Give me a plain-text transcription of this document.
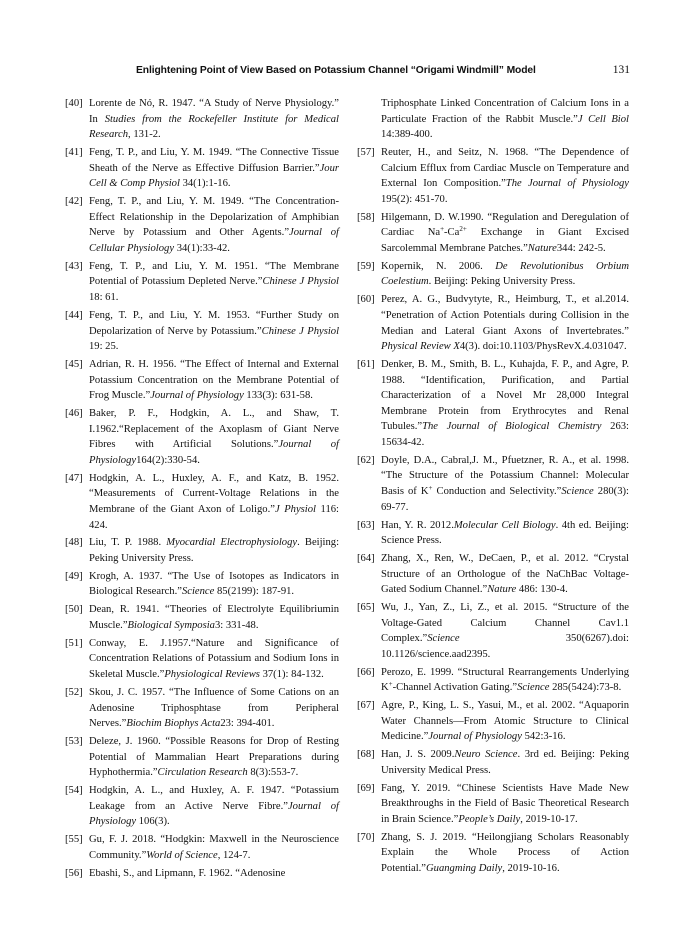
Enlightening Point of View Based on Potassium Channel “Origami Windmill” Model	131
[40] Lorente de Nó, R. 1947. “A Study of Nerve Physiology.” In Studies from the Rockefeller Institute for Medical Research, 131-2.
[41] Feng, T. P., and Liu, Y. M. 1949. “The Connective Tissue Sheath of the Nerve as Effective Diffusion Barrier.”Jour Cell & Comp Physiol 34(1):1-16.
[42] Feng, T. P., and Liu, Y. M. 1949. “The Concentration-Effect Relationship in the Depolarization of Amphibian Nerve by Potassium and Other Agents.”Journal of Cellular Physiology 34(1):33-42.
[43] Feng, T. P., and Liu, Y. M. 1951. “The Membrane Potential of Potassium Depleted Nerve.”Chinese J Physiol 18: 61.
[44] Feng, T. P., and Liu, Y. M. 1953. “Further Study on Depolarization of Nerve by Potassium.”Chinese J Physiol 19: 25.
[45] Adrian, R. H. 1956. “The Effect of Internal and External Potassium Concentration on the Membrane Potential of Frog Muscle.”Journal of Physiology 133(3): 631-58.
[46] Baker, P. F., Hodgkin, A. L., and Shaw, T. I.1962.“Replacement of the Axoplasm of Giant Nerve Fibres with Artificial Solutions.”Journal of Physiology164(2):330-54.
[47] Hodgkin, A. L., Huxley, A. F., and Katz, B. 1952. “Measurements of Current-Voltage Relations in the Membrane of the Giant Axon of Loligo.”J Physiol 116: 424.
[48] Liu, T. P. 1988. Myocardial Electrophysiology. Beijing: Peking University Press.
[49] Krogh, A. 1937. “The Use of Isotopes as Indicators in Biological Research.”Science 85(2199): 187-91.
[50] Dean, R. 1941. “Theories of Electrolyte Equilibriumin Muscle.”Biological Symposia3: 331-48.
[51] Conway, E. J.1957.“Nature and Significance of Concentration Relations of Potassium and Sodium Ions in Skeletal Muscle.”Physiological Reviews 37(1): 84-132.
[52] Skou, J. C. 1957. “The Influence of Some Cations on an Adenosine Triphosphtase from Peripheral Nerves.”Biochim Biophys Acta23: 394-401.
[53] Deleze, J. 1960. “Possible Reasons for Drop of Resting Potential of Mammalian Heart Preparations during Hyphothermia.”Circulation Research 8(3):553-7.
[54] Hodgkin, A. L., and Huxley, A. F. 1947. “Potassium Leakage from an Active Nerve Fibre.”Journal of Physiology 106(3).
[55] Gu, F. J. 2018. “Hodgkin: Maxwell in the Neuroscience Community.”World of Science, 124-7.
[56] Ebashi, S., and Lipmann, F. 1962. “Adenosine
Triphosphate Linked Concentration of Calcium Ions in a Particulate Fraction of the Rabbit Muscle.”J Cell Biol 14:389-400.
[57] Reuter, H., and Seitz, N. 1968. “The Dependence of Calcium Efflux from Cardiac Muscle on Temperature and External Ion Composition.”The Journal of Physiology 195(2): 451-70.
[58] Hilgemann, D. W.1990. “Regulation and Deregulation of Cardiac $Na^+-Ca^{2+}$ Exchange in Giant Excised Sarcolemmal Membrane Patches.”Nature344: 242-5.
[59] Kopernik, N. 2006. De Revolutionibus Orbium Coelestium. Beijing: Peking University Press.
[60] Perez, A. G., Budvytyte, R., Heimburg, T., et al.2014. “Penetration of Action Potentials during Collision in the Median and Lateral Giant Axons of Invertebrates.” Physical Review X4(3). doi:10.1103/PhysRevX.4.031047.
[61] Denker, B. M., Smith, B. L., Kuhajda, F. P., and Agre, P. 1988. “Identification, Purification, and Partial Characterization of a Novel Mr 28,000 Integral Membrane Protein from Erythrocytes and Renal Tubules.”The Journal of Biological Chemistry 263: 15634-42.
[62] Doyle, D.A., Cabral,J. M., Pfuetzner, R. A., et al. 1998. “The Structure of the Potassium Channel: Molecular Basis of K+ Conduction and Selectivity.”Science 280(3): 69-77.
[63] Han, Y. R. 2012.Molecular Cell Biology. 4th ed. Beijing: Science Press.
[64] Zhang, X., Ren, W., DeCaen, P., et al. 2012. “Crystal Structure of an Orthologue of the NaChBac Voltage-Gated Sodium Channel.”Nature 486: 130-4.
[65] Wu, J., Yan, Z., Li, Z., et al. 2015. “Structure of the Voltage-Gated Calcium Channel Cav1.1 Complex.”Science 350(6267).doi: 10.1126/science.aad2395.
[66] Perozo, E. 1999. “Structural Rearrangements Underlying K+-Channel Activation Gating.”Science 285(5424):73-8.
[67] Agre, P., King, L. S., Yasui, M., et al. 2002. “Aquaporin Water Channels—From Atomic Structure to Clinical Medicine.”Journal of Physiology 542:3-16.
[68] Han, J. S. 2009.Neuro Science. 3rd ed. Beijing: Peking University Medical Press.
[69] Fang, Y. 2019. “Chinese Scientists Have Made New Breakthroughs in the Field of Basic Theoretical Research in Brain Science.”People’s Daily, 2019-10-17.
[70] Zhang, S. J. 2019. “Heilongjiang Scholars Reasonably Explain the Whole Process of Action Potential.”Guangming Daily, 2019-10-16.
